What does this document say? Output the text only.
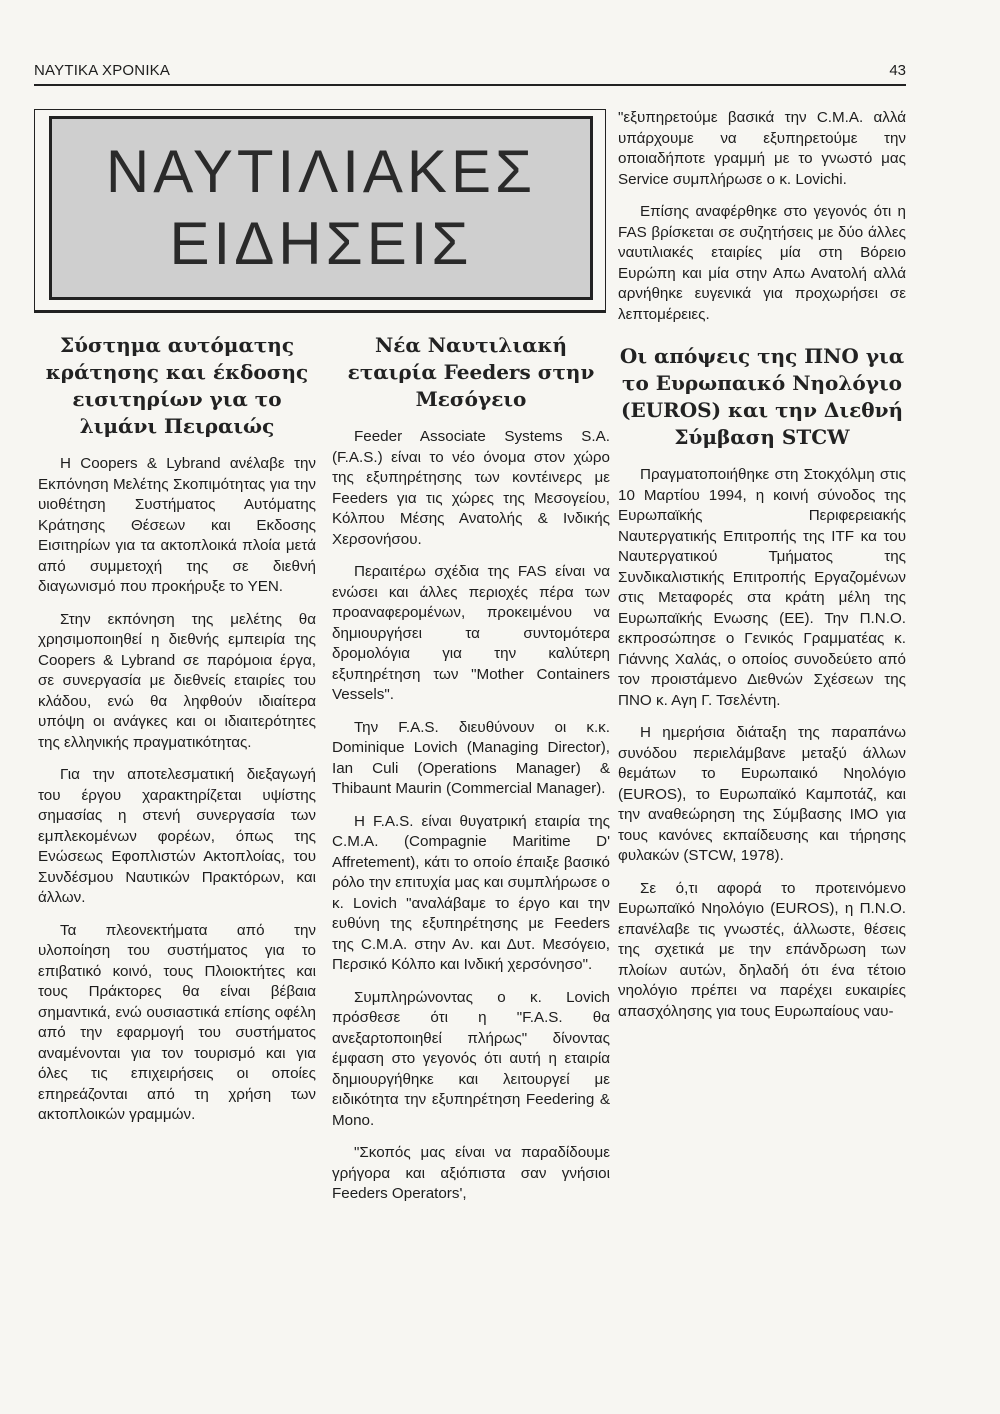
ΝΑΥΤΙΚΑ ΧΡΟΝΙΚΑ	43
ΝΑΥΤΙΛΙΑΚΕΣ
ΕΙΔΗΣΕΙΣ
Σύστημα αυτόματης κράτησης και έκδοσης εισιτηρίων για το λιμάνι Πειραιώς

Η Coopers & Lybrand ανέλαβε την Εκπόνηση Μελέτης Σκοπιμότητας για την υιοθέτηση Συστήματος Αυτόματης Κράτησης Θέσεων και Εκδοσης Εισιτηρίων για τα ακτοπλοικά πλοία μετά από συμμετοχή της σε διεθνή διαγωνισμό που προκήρυξε το ΥΕΝ.

Στην εκπόνηση της μελέτης θα χρησιμοποιηθεί η διεθνής εμπειρία της Coopers & Lybrand σε παρόμοια έργα, σε συνεργασία με διεθνείς εταιρίες του κλάδου, ενώ θα ληφθούν ιδιαίτερα υπόψη οι ανάγκες και οι ιδιαιτερότητες της ελληνικής πραγματικότητας.

Για την αποτελεσματική διεξαγωγή του έργου χαρακτηρίζεται υψίστης σημασίας η στενή συνεργασία των εμπλεκομένων φορέων, όπως της Ενώσεως Εφοπλιστών Ακτοπλοίας, του Συνδέσμου Ναυτικών Πρακτόρων, και άλλων.

Τα πλεονεκτήματα από την υλοποίηση του συστήματος για το επιβατικό κοινό, τους Πλοιοκτήτες και τους Πράκτορες θα είναι βέβαια σημαντικά, ενώ ουσιαστικά επίσης οφέλη από την εφαρμογή του συστήματος αναμένονται για τον τουρισμό και για όλες τις επιχειρήσεις οι οποίες επηρεάζονται από τη χρήση των ακτοπλοικών γραμμών.

Νέα Ναυτιλιακή εταιρία Feeders στην Μεσόγειο

Feeder Associate Systems S.A. (F.A.S.) είναι το νέο όνομα στον χώρο της εξυπηρέτησης των κοντέινερς με Feeders για τις χώρες της Μεσογείου, Κόλπου Μέσης Ανατολής & Ινδικής Χερσονήσου.

Περαιτέρω σχέδια της FAS είναι να ενώσει και άλλες περιοχές πέρα των προαναφερομένων, προκειμένου να δημιουργήσει τα συντομότερα δρομολόγια για την καλύτερη εξυπηρέτηση των "Mother Containers Vessels".

Την F.A.S. διευθύνουν οι κ.κ. Dominique Lovich (Managing Director), Ian Culi (Operations Manager) & Thibaunt Maurin (Commercial Manager).

Η F.A.S. είναι θυγατρική εταιρία της C.M.A. (Compagnie Maritime D' Affretement), κάτι το οποίο έπαιξε βασικό ρόλο την επιτυχία μας και συμπλήρωσε ο κ. Lovich "αναλάβαμε το έργο και την ευθύνη της εξυπηρέτησης με Feeders της C.M.A. στην Αν. και Δυτ. Μεσόγειο, Περσικό Κόλπο και Ινδική χερσόνησο".

Συμπληρώνοντας ο κ. Lovich πρόσθεσε ότι η "F.A.S. θα ανεξαρτοποιηθεί πλήρως" δίνοντας έμφαση στο γεγονός ότι αυτή η εταιρία δημιουργήθηκε και λειτουργεί με ειδικότητα την εξυπηρέτηση Feedering & Mono.

"Σκοπός μας είναι να παραδίδουμε γρήγορα και αξιόπιστα σαν γνήσιοι Feeders Operators',

"εξυπηρετούμε βασικά την C.M.A. αλλά υπάρχουμε να εξυπηρετούμε την οποιαδήποτε γραμμή με το γνωστό μας Service συμπλήρωσε ο κ. Lovichi.

Επίσης αναφέρθηκε στο γεγονός ότι η FAS βρίσκεται σε συζητήσεις με δύο άλλες ναυτιλιακές εταιρίες μία στη Βόρειο Ευρώπη και μία στην Απω Ανατολή αλλά αρνήθηκε ευγενικά για προχωρήσει σε λεπτομέρειες.

Οι απόψεις της ΠΝΟ για το Ευρωπαικό Νηολόγιο (EUROS) και την Διεθνή Σύμβαση STCW

Πραγματοποιήθηκε στη Στοκχόλμη στις 10 Μαρτίου 1994, η κοινή σύνοδος της Ευρωπαϊκής Περιφερειακής Ναυτεργατικής Επιτροπής της ITF κα του Ναυτεργατικού Τμήματος της Συνδικαλιστικής Επιτροπής Εργαζομένων στις Μεταφορές στα κράτη μέλη της Ευρωπαϊκής Ενωσης (ΕΕ). Την Π.Ν.Ο. εκπροσώπησε ο Γενικός Γραμματέας κ. Γιάννης Χαλάς, ο οποίος συνοδεύετο από τον προιστάμενο Διεθνών Σχέσεων της ΠΝΟ κ. Αγη Γ. Τσελέντη.

Η ημερήσια διάταξη της παραπάνω συνόδου περιελάμβανε μεταξύ άλλων θεμάτων το Ευρωπαικό Νηολόγιο (EUROS), το Ευρωπαϊκό Καμποτάζ, και την αναθεώρηση της Σύμβασης ΙΜΟ για τους κανόνες εκπαίδευσης και τήρησης φυλακών (STCW, 1978).

Σε ό,τι αφορά το προτεινόμενο Ευρωπαϊκό Νηολόγιο (EUROS), η Π.Ν.Ο. επανέλαβε τις γνωστές, άλλωστε, θέσεις της σχετικά με την επάνδρωση των πλοίων αυτών, δηλαδή ότι ένα τέτοιο νηολόγιο πρέπει να παρέχει ευκαιρίες απασχόλησης για τους Ευρωπαίους ναυ-
